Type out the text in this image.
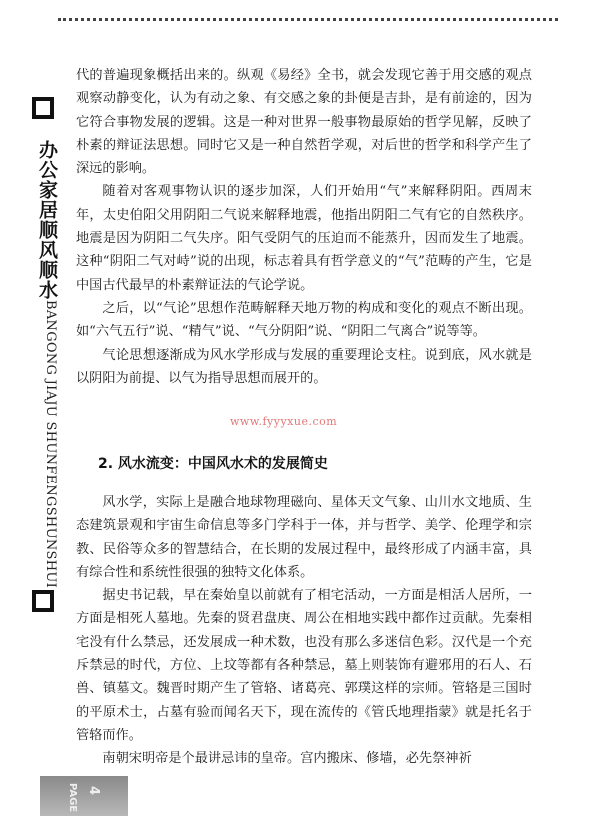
办公家居顺风顺水
BANGONG JIAJU SHUNFENGSHUNSHUI

代的普遍现象概括出来的。纵观《易经》全书，就会发现它善于用交感的观点观察动静变化，认为有动之象、有交感之象的卦便是吉卦，是有前途的，因为它符合事物发展的逻辑。这是一种对世界一般事物最原始的哲学见解，反映了朴素的辩证法思想。同时它又是一种自然哲学观，对后世的哲学和科学产生了深远的影响。

随着对客观事物认识的逐步加深，人们开始用“气”来解释阴阳。西周末年，太史伯阳父用阴阳二气说来解释地震，他指出阴阳二气有它的自然秩序。地震是因为阴阳二气失序。阳气受阴气的压迫而不能蒸升，因而发生了地震。这种“阴阳二气对峙”说的出现，标志着具有哲学意义的“气”范畴的产生，它是中国古代最早的朴素辩证法的气论学说。

之后，以“气论”思想作范畴解释天地万物的构成和变化的观点不断出现。如“六气五行”说、“精气”说、“气分阴阳”说、“阴阳二气离合”说等等。

气论思想逐渐成为风水学形成与发展的重要理论支柱。说到底，风水就是以阴阳为前提、以气为指导思想而展开的。

www.fyyyxue.com
2. 风水流变：中国风水术的发展简史

风水学，实际上是融合地球物理磁向、星体天文气象、山川水文地质、生态建筑景观和宇宙生命信息等多门学科于一体，并与哲学、美学、伦理学和宗教、民俗等众多的智慧结合，在长期的发展过程中，最终形成了内涵丰富，具有综合性和系统性很强的独特文化体系。

据史书记载，早在秦始皇以前就有了相宅活动，一方面是相活人居所，一方面是相死人墓地。先秦的贤君盘庚、周公在相地实践中都作过贡献。先秦相宅没有什么禁忌，还发展成一种术数，也没有那么多迷信色彩。汉代是一个充斥禁忌的时代，方位、上坟等都有各种禁忌，墓上则装饰有避邪用的石人、石兽、镇墓文。魏晋时期产生了管辂、诸葛亮、郭璞这样的宗师。管辂是三国时的平原术士，占墓有验而闻名天下，现在流传的《管氏地理指蒙》就是托名于管辂而作。

南朝宋明帝是个最讲忌讳的皇帝。宫内搬床、修墙，必先祭神祈

PAGE 4
